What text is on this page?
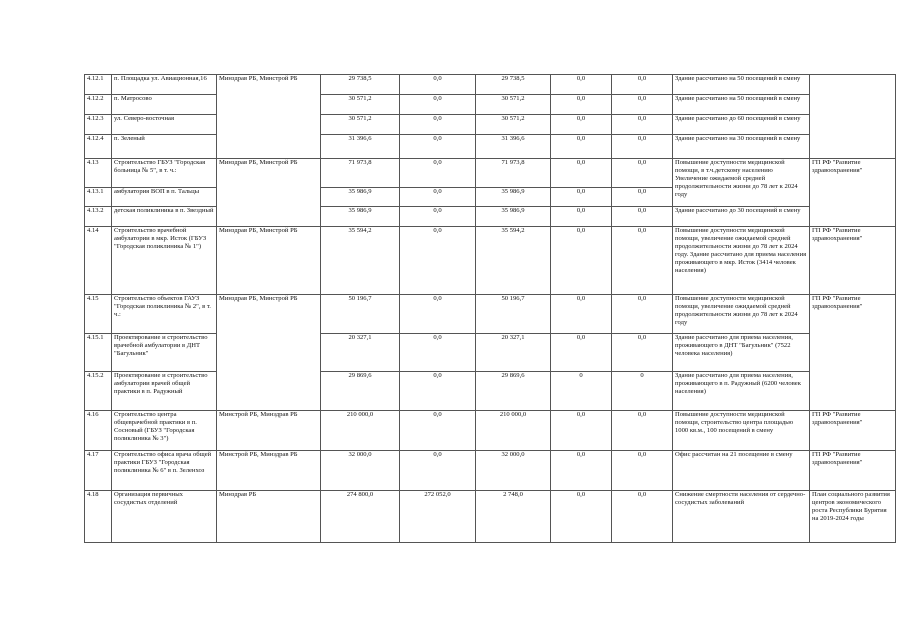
4.12.1	п. Площадка ул. Авиационная,16	Минздрав РБ, Минстрой РБ	29 738,5	0,0	29 738,5	0,0	0,0	Здание рассчитано на 50 посещений в смену	
4.12.2	п. Матросово		30 571,2	0,0	30 571,2	0,0	0,0	Здание рассчитано на 50 посещений в смену	
4.12.3	ул. Северо-восточная		30 571,2	0,0	30 571,2	0,0	0,0	Здание рассчитано до 60 посещений в смену	
4.12.4	п. Зеленый		31 396,6	0,0	31 396,6	0,0	0,0	Здание рассчитано на 30 посещений в смену	
4.13	Строительство ГБУЗ "Городская больница № 5", в т. ч.:	Минздрав РБ, Минстрой РБ	71 973,8	0,0	71 973,8	0,0	0,0	Повышение доступности медицинской помощи, в т.ч.детскому населению Увеличение ожидаемой средней продолжительности жизни до 78 лет к 2024 году	ГП РФ "Развитие здравоохранения"
4.13.1	амбулатория ВОП в п. Тальцы		35 986,9	0,0	35 986,9	0,0	0,0		
4.13.2	детская поликлиника в п. Звездный		35 986,9	0,0	35 986,9	0,0	0,0	Здание рассчитано до 30 посещений в смену	
4.14	Строительство врачебной амбулатории в мкр. Исток (ГБУЗ "Городская поликлиника № 1")	Минздрав РБ, Минстрой РБ	35 594,2	0,0	35 594,2	0,0	0,0	Повышение доступности медицинской помощи, увеличение ожидаемой средней продолжительности жизни до 78 лет к 2024 году. Здание рассчитано для приема населения проживающего в мкр. Исток (3414 человек населения)	ГП РФ "Развитие здравоохранения"
4.15	Строительство объектов ГАУЗ "Городская поликлиника № 2", в т. ч.:	Минздрав РБ, Минстрой РБ	50 196,7	0,0	50 196,7	0,0	0,0	Повышение доступности медицинской помощи, увеличение ожидаемой средней продолжительности жизни до 78 лет к 2024 году	ГП РФ "Развитие здравоохранения"
4.15.1	Проектирование и строительство врачебной амбулатории в ДНТ "Багульник"		20 327,1	0,0	20 327,1	0,0	0,0	Здание рассчитано для приема населения, проживающего в ДНТ "Багульник" (7522 человека населения)	
4.15.2	Проектирование и строительство амбулатории врачей общей практики в п. Радужный		29 869,6	0,0	29 869,6	0	0	Здание рассчитано для приема населения, проживающего в п. Радужный (6200 человек населения)	
4.16	Строительство центра общеврачебной практики в п. Сосновый (ГБУЗ "Городская поликлиника № 3")	Минстрой РБ, Минздрав РБ	210 000,0	0,0	210 000,0	0,0	0,0	Повышение доступности медицинской помощи, строительство центра площадью 1000 кв.м., 100 посещений в смену	ГП РФ "Развитие здравоохранения"
4.17	Строительство офиса врача общей практики ГБУЗ "Городская поликлиника № 6" в п. Зеленхоз	Минстрой РБ, Минздрав РБ	32 000,0	0,0	32 000,0	0,0	0,0	Офис рассчитан на 21 посещение в смену	ГП РФ "Развитие здравоохранения"
4.18	Организация первичных сосудистых отделений	Минздрав РБ	274 800,0	272 052,0	2 748,0	0,0	0,0	Снижение смертности населения от сердечно-сосудистых заболеваний	План социального развития центров экономического роста Республики Бурятия на 2019-2024 годы
